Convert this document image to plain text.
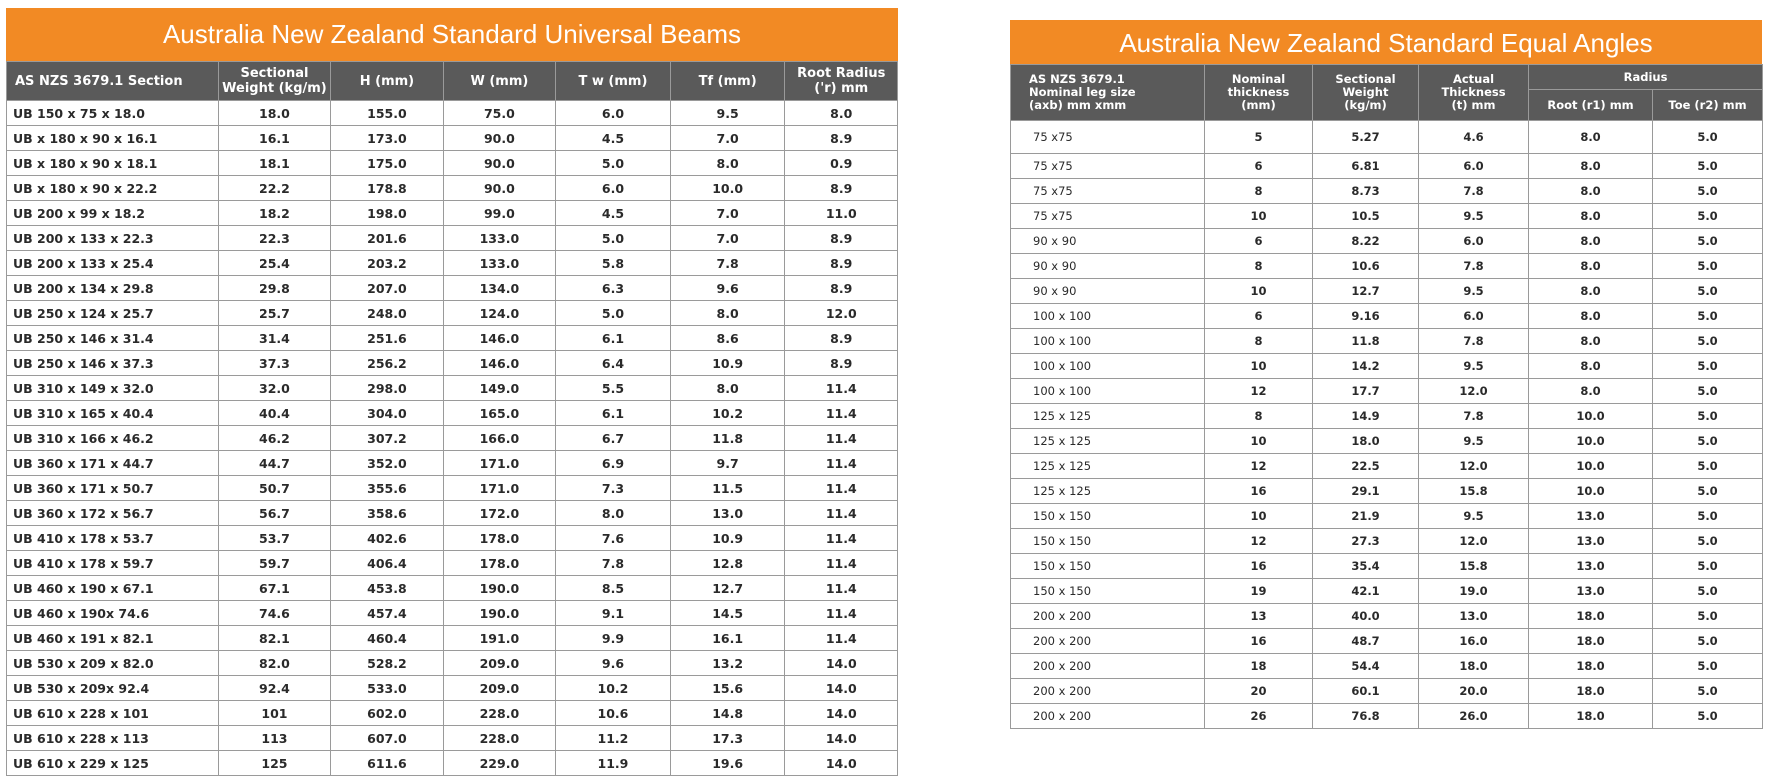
Australia New Zealand Standard Universal Beams
AS NZS 3679.1 Section	Sectional
Weight (kg/m)	H (mm)	W (mm)	T w (mm)	Tf (mm)	Root Radius
('r) mm

UB 150 x 75 x 18.0	18.0	155.0	75.0	6.0	9.5	8.0
UB x 180 x 90 x 16.1	16.1	173.0	90.0	4.5	7.0	8.9
UB x 180 x 90 x 18.1	18.1	175.0	90.0	5.0	8.0	0.9
UB x 180 x 90 x 22.2	22.2	178.8	90.0	6.0	10.0	8.9
UB 200 x 99 x 18.2	18.2	198.0	99.0	4.5	7.0	11.0
UB 200 x 133 x 22.3	22.3	201.6	133.0	5.0	7.0	8.9
UB 200 x 133 x 25.4	25.4	203.2	133.0	5.8	7.8	8.9
UB 200 x 134 x 29.8	29.8	207.0	134.0	6.3	9.6	8.9
UB 250 x 124 x 25.7	25.7	248.0	124.0	5.0	8.0	12.0
UB 250 x 146 x 31.4	31.4	251.6	146.0	6.1	8.6	8.9
UB 250 x 146 x 37.3	37.3	256.2	146.0	6.4	10.9	8.9
UB 310 x 149 x 32.0	32.0	298.0	149.0	5.5	8.0	11.4
UB 310 x 165 x 40.4	40.4	304.0	165.0	6.1	10.2	11.4
UB 310 x 166 x 46.2	46.2	307.2	166.0	6.7	11.8	11.4
UB 360 x 171 x 44.7	44.7	352.0	171.0	6.9	9.7	11.4
UB 360 x 171 x 50.7	50.7	355.6	171.0	7.3	11.5	11.4
UB 360 x 172 x 56.7	56.7	358.6	172.0	8.0	13.0	11.4
UB 410 x 178 x 53.7	53.7	402.6	178.0	7.6	10.9	11.4
UB 410 x 178 x 59.7	59.7	406.4	178.0	7.8	12.8	11.4
UB 460 x 190 x 67.1	67.1	453.8	190.0	8.5	12.7	11.4
UB 460 x 190x 74.6	74.6	457.4	190.0	9.1	14.5	11.4
UB 460 x 191 x 82.1	82.1	460.4	191.0	9.9	16.1	11.4
UB 530 x 209 x 82.0	82.0	528.2	209.0	9.6	13.2	14.0
UB 530 x 209x 92.4	92.4	533.0	209.0	10.2	15.6	14.0
UB 610 x 228 x 101	101	602.0	228.0	10.6	14.8	14.0
UB 610 x 228 x 113	113	607.0	228.0	11.2	17.3	14.0
UB 610 x 229 x 125	125	611.6	229.0	11.9	19.6	14.0
Australia New Zealand Standard Equal Angles
AS NZS 3679.1
Nominal leg size
(axb) mm xmm	Nominal
thickness
(mm)	Sectional
Weight
(kg/m)	Actual
Thickness
(t) mm	Radius	
				Root (r1) mm	Toe (r2) mm
75 x75	5	5.27	4.6	8.0	5.0
75 x75	6	6.81	6.0	8.0	5.0
75 x75	8	8.73	7.8	8.0	5.0
75 x75	10	10.5	9.5	8.0	5.0
90 x 90	6	8.22	6.0	8.0	5.0
90 x 90	8	10.6	7.8	8.0	5.0
90 x 90	10	12.7	9.5	8.0	5.0
100 x 100	6	9.16	6.0	8.0	5.0
100 x 100	8	11.8	7.8	8.0	5.0
100 x 100	10	14.2	9.5	8.0	5.0
100 x 100	12	17.7	12.0	8.0	5.0
125 x 125	8	14.9	7.8	10.0	5.0
125 x 125	10	18.0	9.5	10.0	5.0
125 x 125	12	22.5	12.0	10.0	5.0
125 x 125	16	29.1	15.8	10.0	5.0
150 x 150	10	21.9	9.5	13.0	5.0
150 x 150	12	27.3	12.0	13.0	5.0
150 x 150	16	35.4	15.8	13.0	5.0
150 x 150	19	42.1	19.0	13.0	5.0
200 x 200	13	40.0	13.0	18.0	5.0
200 x 200	16	48.7	16.0	18.0	5.0
200 x 200	18	54.4	18.0	18.0	5.0
200 x 200	20	60.1	20.0	18.0	5.0
200 x 200	26	76.8	26.0	18.0	5.0
